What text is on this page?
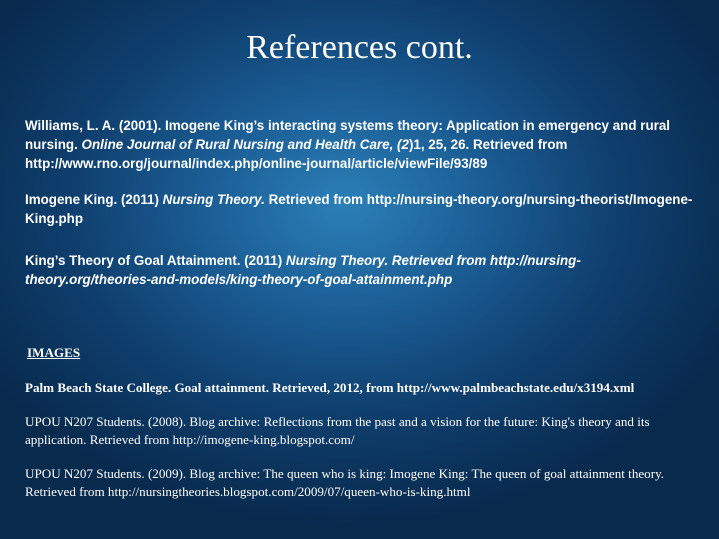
References cont.

Williams, L. A. (2001). Imogene King’s interacting systems theory: Application in emergency and rural nursing. Online Journal of Rural Nursing and Health Care, (2)1, 25, 26. Retrieved from http://www.rno.org/journal/index.php/online-journal/article/viewFile/93/89

Imogene King. (2011) Nursing Theory. Retrieved from http://nursing-theory.org/nursing-theorist/Imogene-King.php

King’s Theory of Goal Attainment. (2011) Nursing Theory. Retrieved from http://nursing-theory.org/theories-and-models/king-theory-of-goal-attainment.php

IMAGES

Palm Beach State College. Goal attainment. Retrieved, 2012, from http://www.palmbeachstate.edu/x3194.xml

UPOU N207 Students. (2008). Blog archive: Reflections from the past and a vision for the future: King's theory and its application. Retrieved from http://imogene-king.blogspot.com/

UPOU N207 Students. (2009). Blog archive: The queen who is king: Imogene King: The queen of goal attainment theory. Retrieved from http://nursingtheories.blogspot.com/2009/07/queen-who-is-king.html
